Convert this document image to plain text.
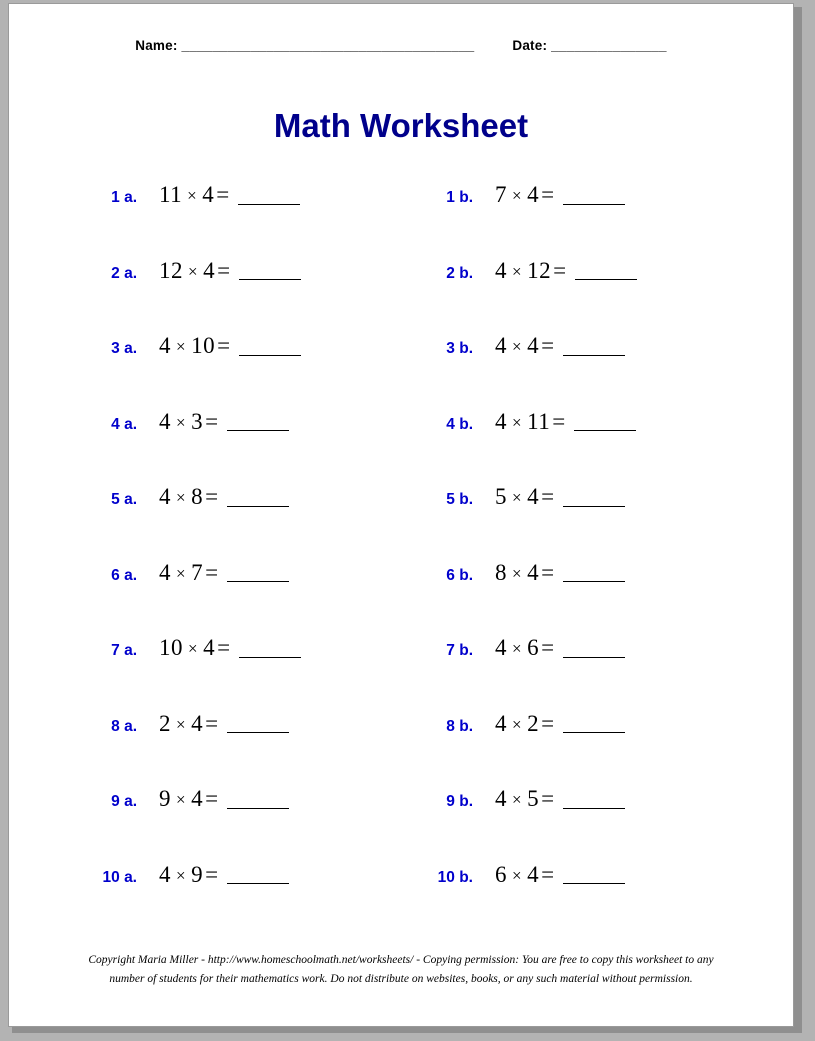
Name: ______________________________________	Date: _______________
Math Worksheet
1 a. 11 × 4=	1 b. 7 × 4=
2 a. 12 × 4=	2 b. 4 × 12=
3 a. 4 × 10=	3 b. 4 × 4=
4 a. 4 × 3=	4 b. 4 × 11=
5 a. 4 × 8=	5 b. 5 × 4=
6 a. 4 × 7=	6 b. 8 × 4=
7 a. 10 × 4=	7 b. 4 × 6=
8 a. 2 × 4=	8 b. 4 × 2=
9 a. 9 × 4=	9 b. 4 × 5=
10 a. 4 × 9=	10 b. 6 × 4=
Copyright Maria Miller - http://www.homeschoolmath.net/worksheets/ - Copying permission: You are free to copy this worksheet to any
number of students for their mathematics work. Do not distribute on websites, books, or any such material without permission.
